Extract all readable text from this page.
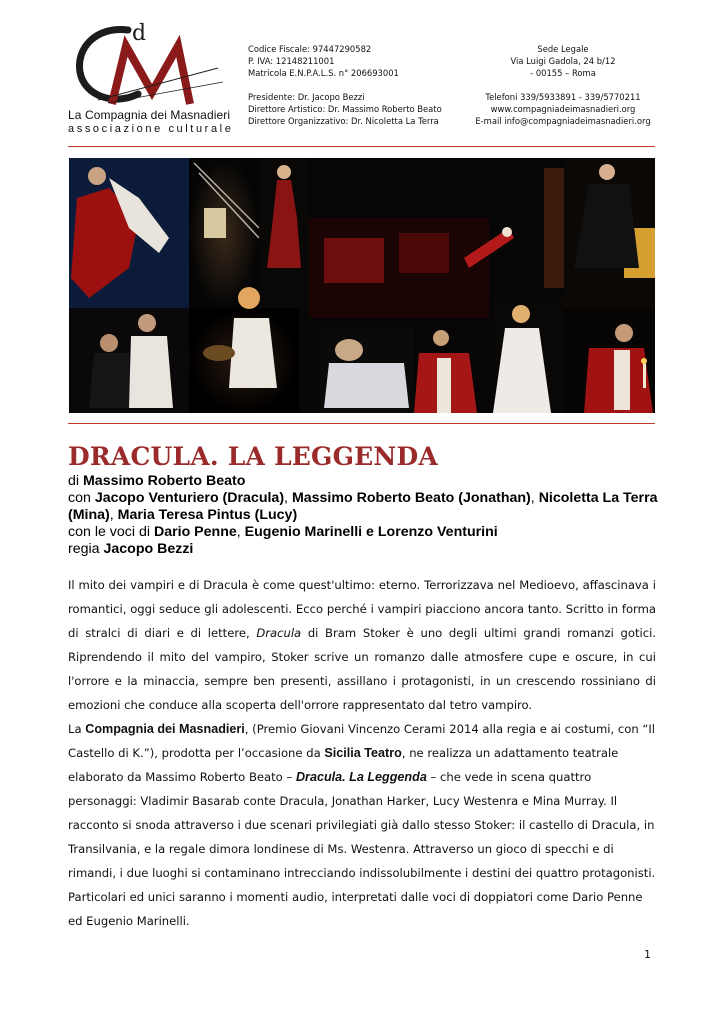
d
La Compagnia dei Masnadieri
associazione culturale
Codice Fiscale: 97447290582
P. IVA: 12148211001
Matricola E.N.P.A.L.S. n° 206693001
Presidente: Dr. Jacopo Bezzi
Direttore Artistico: Dr. Massimo Roberto Beato
Direttore Organizzativo: Dr. Nicoletta La Terra
Sede Legale
Via Luigi Gadola, 24 b/12
- 00155 – Roma
Telefoni 339/5933891 - 339/5770211
www.compagniadeimasnadieri.org
E-mail info@compagniadeimasnadieri.org
DRACULA. LA LEGGENDA
di Massimo Roberto Beato
con Jacopo Venturiero (Dracula), Massimo Roberto Beato (Jonathan), Nicoletta La Terra (Mina), Maria Teresa Pintus (Lucy)
con le voci di Dario Penne, Eugenio Marinelli e Lorenzo Venturini
regia Jacopo Bezzi

Il mito dei vampiri e di Dracula è come quest'ultimo: eterno. Terrorizzava nel Medioevo, affascinava i romantici, oggi seduce gli adolescenti. Ecco perché i vampiri piacciono ancora tanto. Scritto in forma di stralci di diari e di lettere, Dracula di Bram Stoker è uno degli ultimi grandi romanzi gotici. Riprendendo il mito del vampiro, Stoker scrive un romanzo dalle atmosfere cupe e oscure, in cui l'orrore e la minaccia, sempre ben presenti, assillano i protagonisti, in un crescendo rossiniano di emozioni che conduce alla scoperta dell'orrore rappresentato dal tetro vampiro.

La Compagnia dei Masnadieri, (Premio Giovani Vincenzo Cerami 2014 alla regia e ai costumi, con “Il Castello di K.”), prodotta per l’occasione da Sicilia Teatro, ne realizza un adattamento teatrale elaborato da Massimo Roberto Beato – Dracula. La Leggenda – che vede in scena quattro personaggi: Vladimir Basarab conte Dracula, Jonathan Harker, Lucy Westenra e Mina Murray. Il racconto si snoda attraverso i due scenari privilegiati già dallo stesso Stoker: il castello di Dracula, in Transilvania, e la regale dimora londinese di Ms. Westenra. Attraverso un gioco di specchi e di rimandi, i due luoghi si contaminano intrecciando indissolubilmente i destini dei quattro protagonisti. Particolari ed unici saranno i momenti audio, interpretati dalle voci di doppiatori come Dario Penne ed Eugenio Marinelli.

1
